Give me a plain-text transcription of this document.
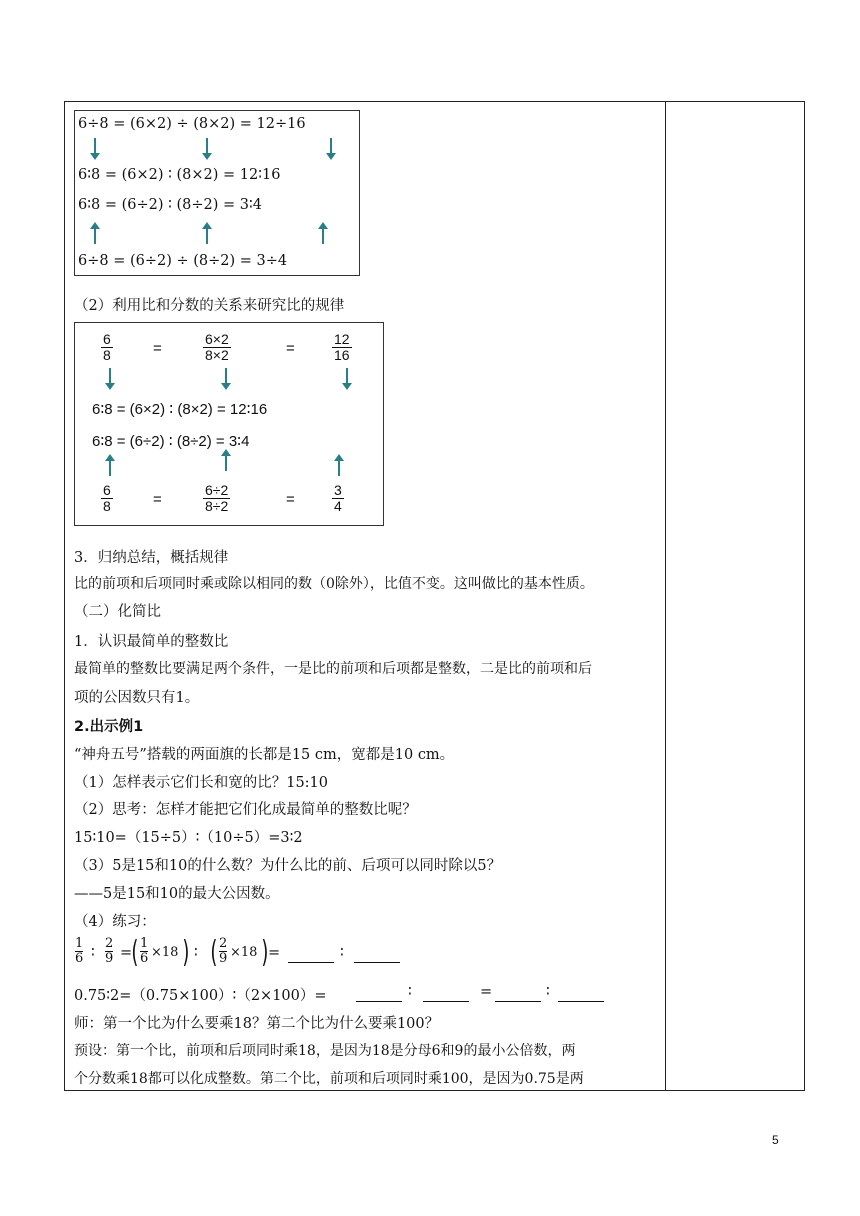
6÷8 = (6×2) ÷ (8×2) = 12÷16
6∶8 = (6×2) ∶ (8×2) = 12∶16
6∶8 = (6÷2) ∶ (8÷2) = 3∶4
6÷8 = (6÷2) ÷ (8÷2) = 3÷4
（2）利用比和分数的关系来研究比的规律
$\frac{6}{8}$	=	$\frac{6\times 2}{8\times 2}$	=	$\frac{12}{16}$
6∶8 = (6×2) ∶ (8×2) = 12∶16
6∶8 = (6÷2) ∶ (8÷2) = 3∶4
$\frac{6}{8}$	=	$\frac{6\div 2}{8\div 2}$	=	$\frac{3}{4}$
3．归纳总结，概括规律
比的前项和后项同时乘或除以相同的数（0除外），比值不变。这叫做比的基本性质。
（二）化简比
1．认识最简单的整数比
最简单的整数比要满足两个条件，一是比的前项和后项都是整数，二是比的前项和后
项的公因数只有1。
2.出示例1
“神舟五号”搭载的两面旗的长都是15 cm，宽都是10 cm。
（1）怎样表示它们长和宽的比？15:10
（2）思考：怎样才能把它们化成最简单的整数比呢？
15∶10=（15÷5）∶（10÷5）=3∶2
（3）5是15和10的什么数？为什么比的前、后项可以同时除以5？
——5是15和10的最大公因数。
（4）练习：
$\frac{1}{6}$ ∶ $\frac{2}{9}$ = ( $\frac{1}{6} \times 18$ ) ∶ ( $\frac{2}{9} \times 18$ ) =	∶
0.75∶2=（0.75×100）∶（2×100）=	∶	=	∶
师：第一个比为什么要乘18？第二个比为什么要乘100？
预设：第一个比，前项和后项同时乘18，是因为18是分母6和9的最小公倍数，两
个分数乘18都可以化成整数。第二个比，前项和后项同时乘100，是因为0.75是两
5
